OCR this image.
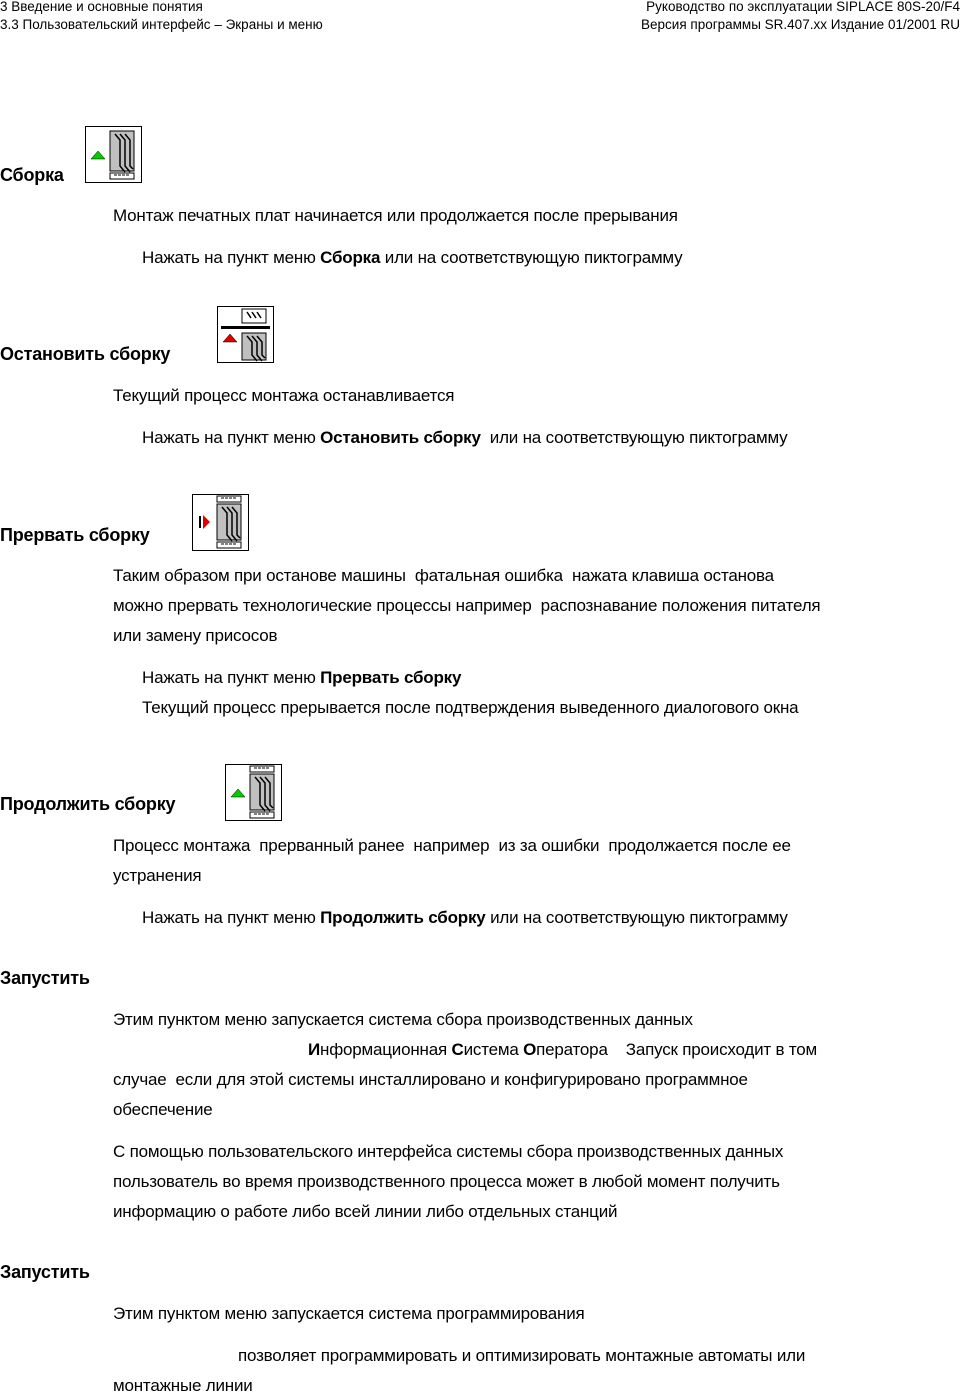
3 Введение и основные понятия
3.3 Пользовательский интерфейс – Экраны и меню
Руководство по эксплуатации SIPLACE 80S-20/F4
Версия программы SR.407.xx Издание 01/2001 RU
Сборка
Монтаж печатных плат начинается или продолжается после прерывания
Нажать на пункт меню Сборка или на соответствующую пиктограмму
Остановить сборку
Текущий процесс монтажа останавливается
Нажать на пункт меню Остановить сборку  или на соответствующую пиктограмму
Прервать сборку
Таким образом при останове машины  фатальная ошибка  нажата клавиша останова
можно прервать технологические процессы например  распознавание положения питателя
или замену присосов
Нажать на пункт меню Прервать сборку
Текущий процесс прерывается после подтверждения выведенного диалогового окна
Продолжить сборку
Процесс монтажа  прерванный ранее  например  из за ошибки  продолжается после ее
устранения
Нажать на пункт меню Продолжить сборку или на соответствующую пиктограмму
Запустить
Этим пунктом меню запускается система сбора производственных данных
Информационная Система Оператора    Запуск происходит в том
случае  если для этой системы инсталлировано и конфигурировано программное
обеспечение
С помощью пользовательского интерфейса системы сбора производственных данных
пользователь во время производственного процесса может в любой момент получить
информацию о работе либо всей линии либо отдельных станций
Запустить
Этим пунктом меню запускается система программирования
позволяет программировать и оптимизировать монтажные автоматы или
монтажные линии
